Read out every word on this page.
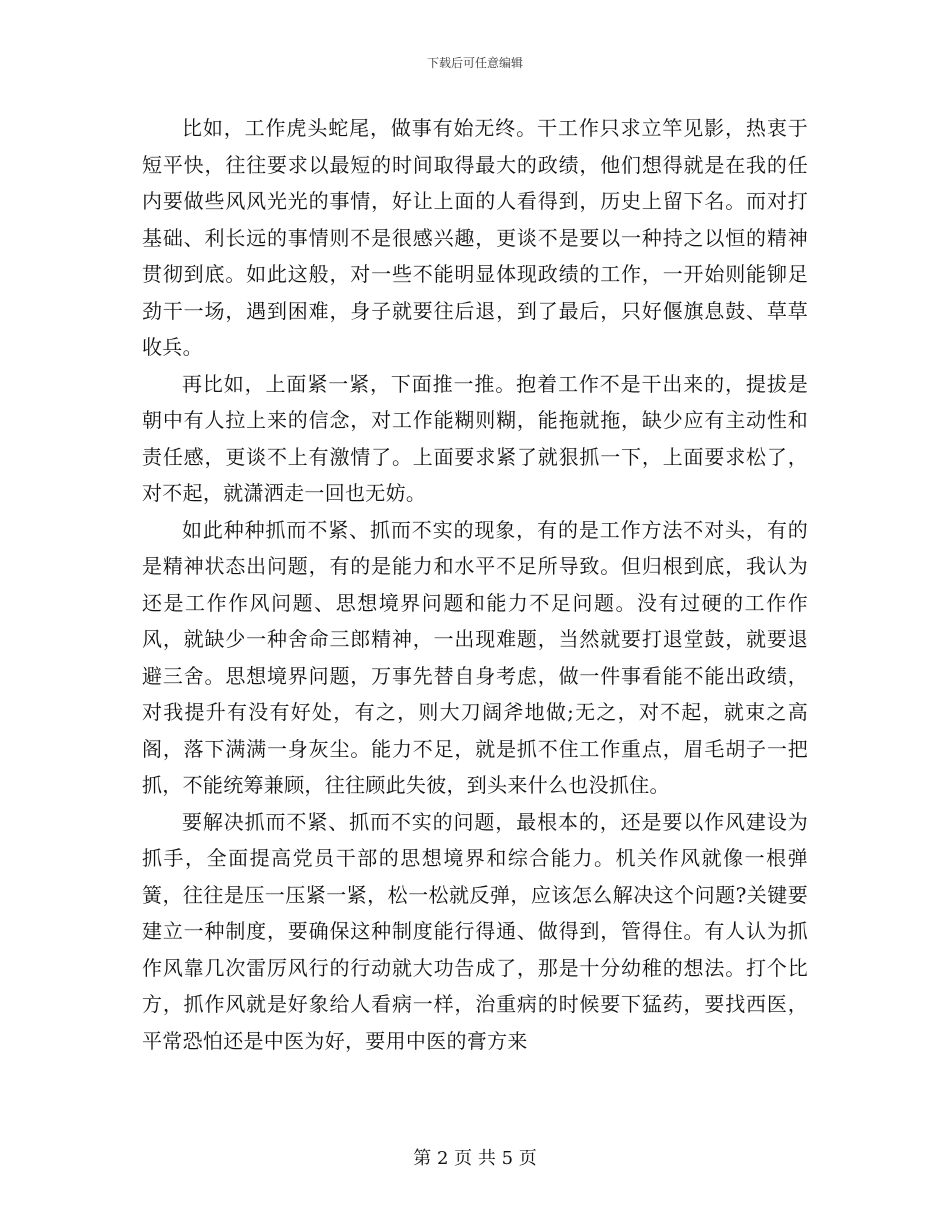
下载后可任意编辑

比如，工作虎头蛇尾，做事有始无终。干工作只求立竿见影，热衷于短平快，往往要求以最短的时间取得最大的政绩，他们想得就是在我的任内要做些风风光光的事情，好让上面的人看得到，历史上留下名。而对打基础、利长远的事情则不是很感兴趣，更谈不是要以一种持之以恒的精神贯彻到底。如此这般，对一些不能明显体现政绩的工作，一开始则能铆足劲干一场，遇到困难，身子就要往后退，到了最后，只好偃旗息鼓、草草收兵。

再比如，上面紧一紧，下面推一推。抱着工作不是干出来的，提拔是朝中有人拉上来的信念，对工作能糊则糊，能拖就拖，缺少应有主动性和责任感，更谈不上有激情了。上面要求紧了就狠抓一下，上面要求松了，对不起，就潇洒走一回也无妨。

如此种种抓而不紧、抓而不实的现象，有的是工作方法不对头，有的是精神状态出问题，有的是能力和水平不足所导致。但归根到底，我认为还是工作作风问题、思想境界问题和能力不足问题。没有过硬的工作作风，就缺少一种舍命三郎精神，一出现难题，当然就要打退堂鼓，就要退避三舍。思想境界问题，万事先替自身考虑，做一件事看能不能出政绩，对我提升有没有好处，有之，则大刀阔斧地做;无之，对不起，就束之高阁，落下满满一身灰尘。能力不足，就是抓不住工作重点，眉毛胡子一把抓，不能统筹兼顾，往往顾此失彼，到头来什么也没抓住。

要解决抓而不紧、抓而不实的问题，最根本的，还是要以作风建设为抓手，全面提高党员干部的思想境界和综合能力。机关作风就像一根弹簧，往往是压一压紧一紧，松一松就反弹，应该怎么解决这个问题?关键要建立一种制度，要确保这种制度能行得通、做得到，管得住。有人认为抓作风靠几次雷厉风行的行动就大功告成了，那是十分幼稚的想法。打个比方，抓作风就是好象给人看病一样，治重病的时候要下猛药，要找西医，平常恐怕还是中医为好，要用中医的膏方来

第 2 页 共 5 页
